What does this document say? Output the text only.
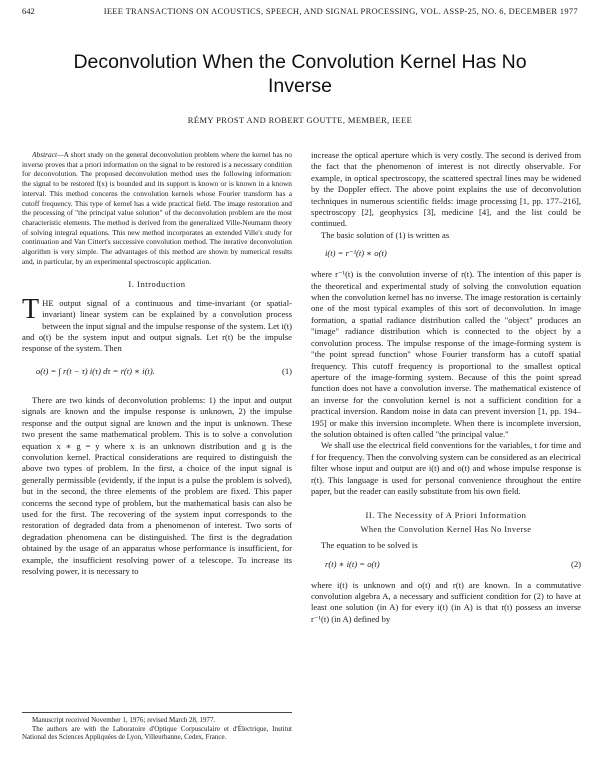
642	IEEE TRANSACTIONS ON ACOUSTICS, SPEECH, AND SIGNAL PROCESSING, VOL. ASSP-25, NO. 6, DECEMBER 1977
Deconvolution When the Convolution Kernel Has No Inverse
RÉMY PROST AND ROBERT GOUTTE, MEMBER, IEEE

Abstract—A short study on the general deconvolution problem where the kernel has no inverse proves that a priori information on the signal to be restored is a necessary condition for deconvolution. The proposed deconvolution method uses the following information: the signal to be restored f(x) is bounded and its support is known or is known in a known interval. This method concerns the convolution kernels whose Fourier transform has a cutoff frequency. This type of kernel has a wide practical field. The image restoration and the processing of "the principal value solution" of the deconvolution problem are the most characteristic elements. The method is derived from the generalized Ville-Neumann theory of solving integral equations. This new method incorporates an extended Ville's study for continuation and Van Cittert's successive convolution method. The iterative deconvolution algorithm is very simple. The advantages of this method are shown by numerical results and, in particular, by an experimental spectroscopic application.

I. Introduction

THE output signal of a continuous and time-invariant (or spatial-invariant) linear system can be explained by a convolution process between the input signal and the impulse response of the system. Let i(t) and o(t) be the system input and output signals. Let r(t) be the impulse response of the system. Then

o(t) = ∫ r(t − τ) i(τ) dτ = r(t) ∗ i(t).	(1)

There are two kinds of deconvolution problems: 1) the input and output signals are known and the impulse response is unknown, 2) the impulse response and the output signal are known and the input is unknown. These two present the same mathematical problem. This is to solve a convolution equation x ∗ g = y where x is an unknown distribution and g is the convolution kernel. Practical considerations are required to distinguish the above two types of problem. In the first, a choice of the input signal is generally permissible (evidently, if the input is a pulse the problem is solved), but in the second, the three elements of the problem are fixed. This paper concerns the second type of problem, but the mathematical basis can also be used for the first. The recovering of the system input corresponds to the restoration of degraded data from a phenomenon of interest. Two sorts of degradation phenomena can be distinguished. The first is the degradation obtained by the usage of an apparatus whose performance is insufficient, for example, the insufficient resolving power of a telescope. To increase its resolving power, it is necessary to

Manuscript received November 1, 1976; revised March 28, 1977.

The authors are with the Laboratoire d'Optique Corpusculaire et d'Électrique, Institut National des Sciences Appliquées de Lyon, Villeurbanne, Cedex, France.

increase the optical aperture which is very costly. The second is derived from the fact that the phenomenon of interest is not directly observable. For example, in optical spectroscopy, the scattered spectral lines may be widened by the Doppler effect. The above point explains the use of deconvolution techniques in numerous scientific fields: image processing [1, pp. 177–216], spectroscopy [2], geophysics [3], medicine [4], and the list could be continued.

The basic solution of (1) is written as

i(t) = r⁻¹(t) ∗ o(t)

where r⁻¹(t) is the convolution inverse of r(t). The intention of this paper is the theoretical and experimental study of solving the convolution equation when the convolution kernel has no inverse. The image restoration is certainly one of the most typical examples of this sort of deconvolution. In image formation, a spatial radiance distribution called the "object" produces an "image" radiance distribution which is connected to the object by a convolution process. The impulse response of the image-forming system is "the point spread function" whose Fourier transform has a cutoff spatial frequency. This cutoff frequency is proportional to the smallest optical aperture of the image-forming system. Because of this the point spread function does not have a convolution inverse. The mathematical existence of an inverse for the convolution kernel is not a sufficient condition for a practical inversion. Random noise in data can prevent inversion [1, pp. 194–195] or make this inversion incomplete. When there is incomplete inversion, the solution obtained is often called "the principal value."

We shall use the electrical field conventions for the variables, t for time and f for frequency. Then the convolving system can be considered as an electrical filter whose input and output are i(t) and o(t) and whose impulse response is r(t). This language is used for personal convenience throughout the entire paper, but the reader can easily substitute from his own field.

II. The Necessity of A Priori Information
When the Convolution Kernel Has No Inverse

The equation to be solved is

r(t) ∗ i(t) = o(t)	(2)

where i(t) is unknown and o(t) and r(t) are known. In a commutative convolution algebra A, a necessary and sufficient condition for (2) to have at least one solution (in A) for every i(t) (in A) is that r(t) possess an inverse r⁻¹(t) (in A) defined by
